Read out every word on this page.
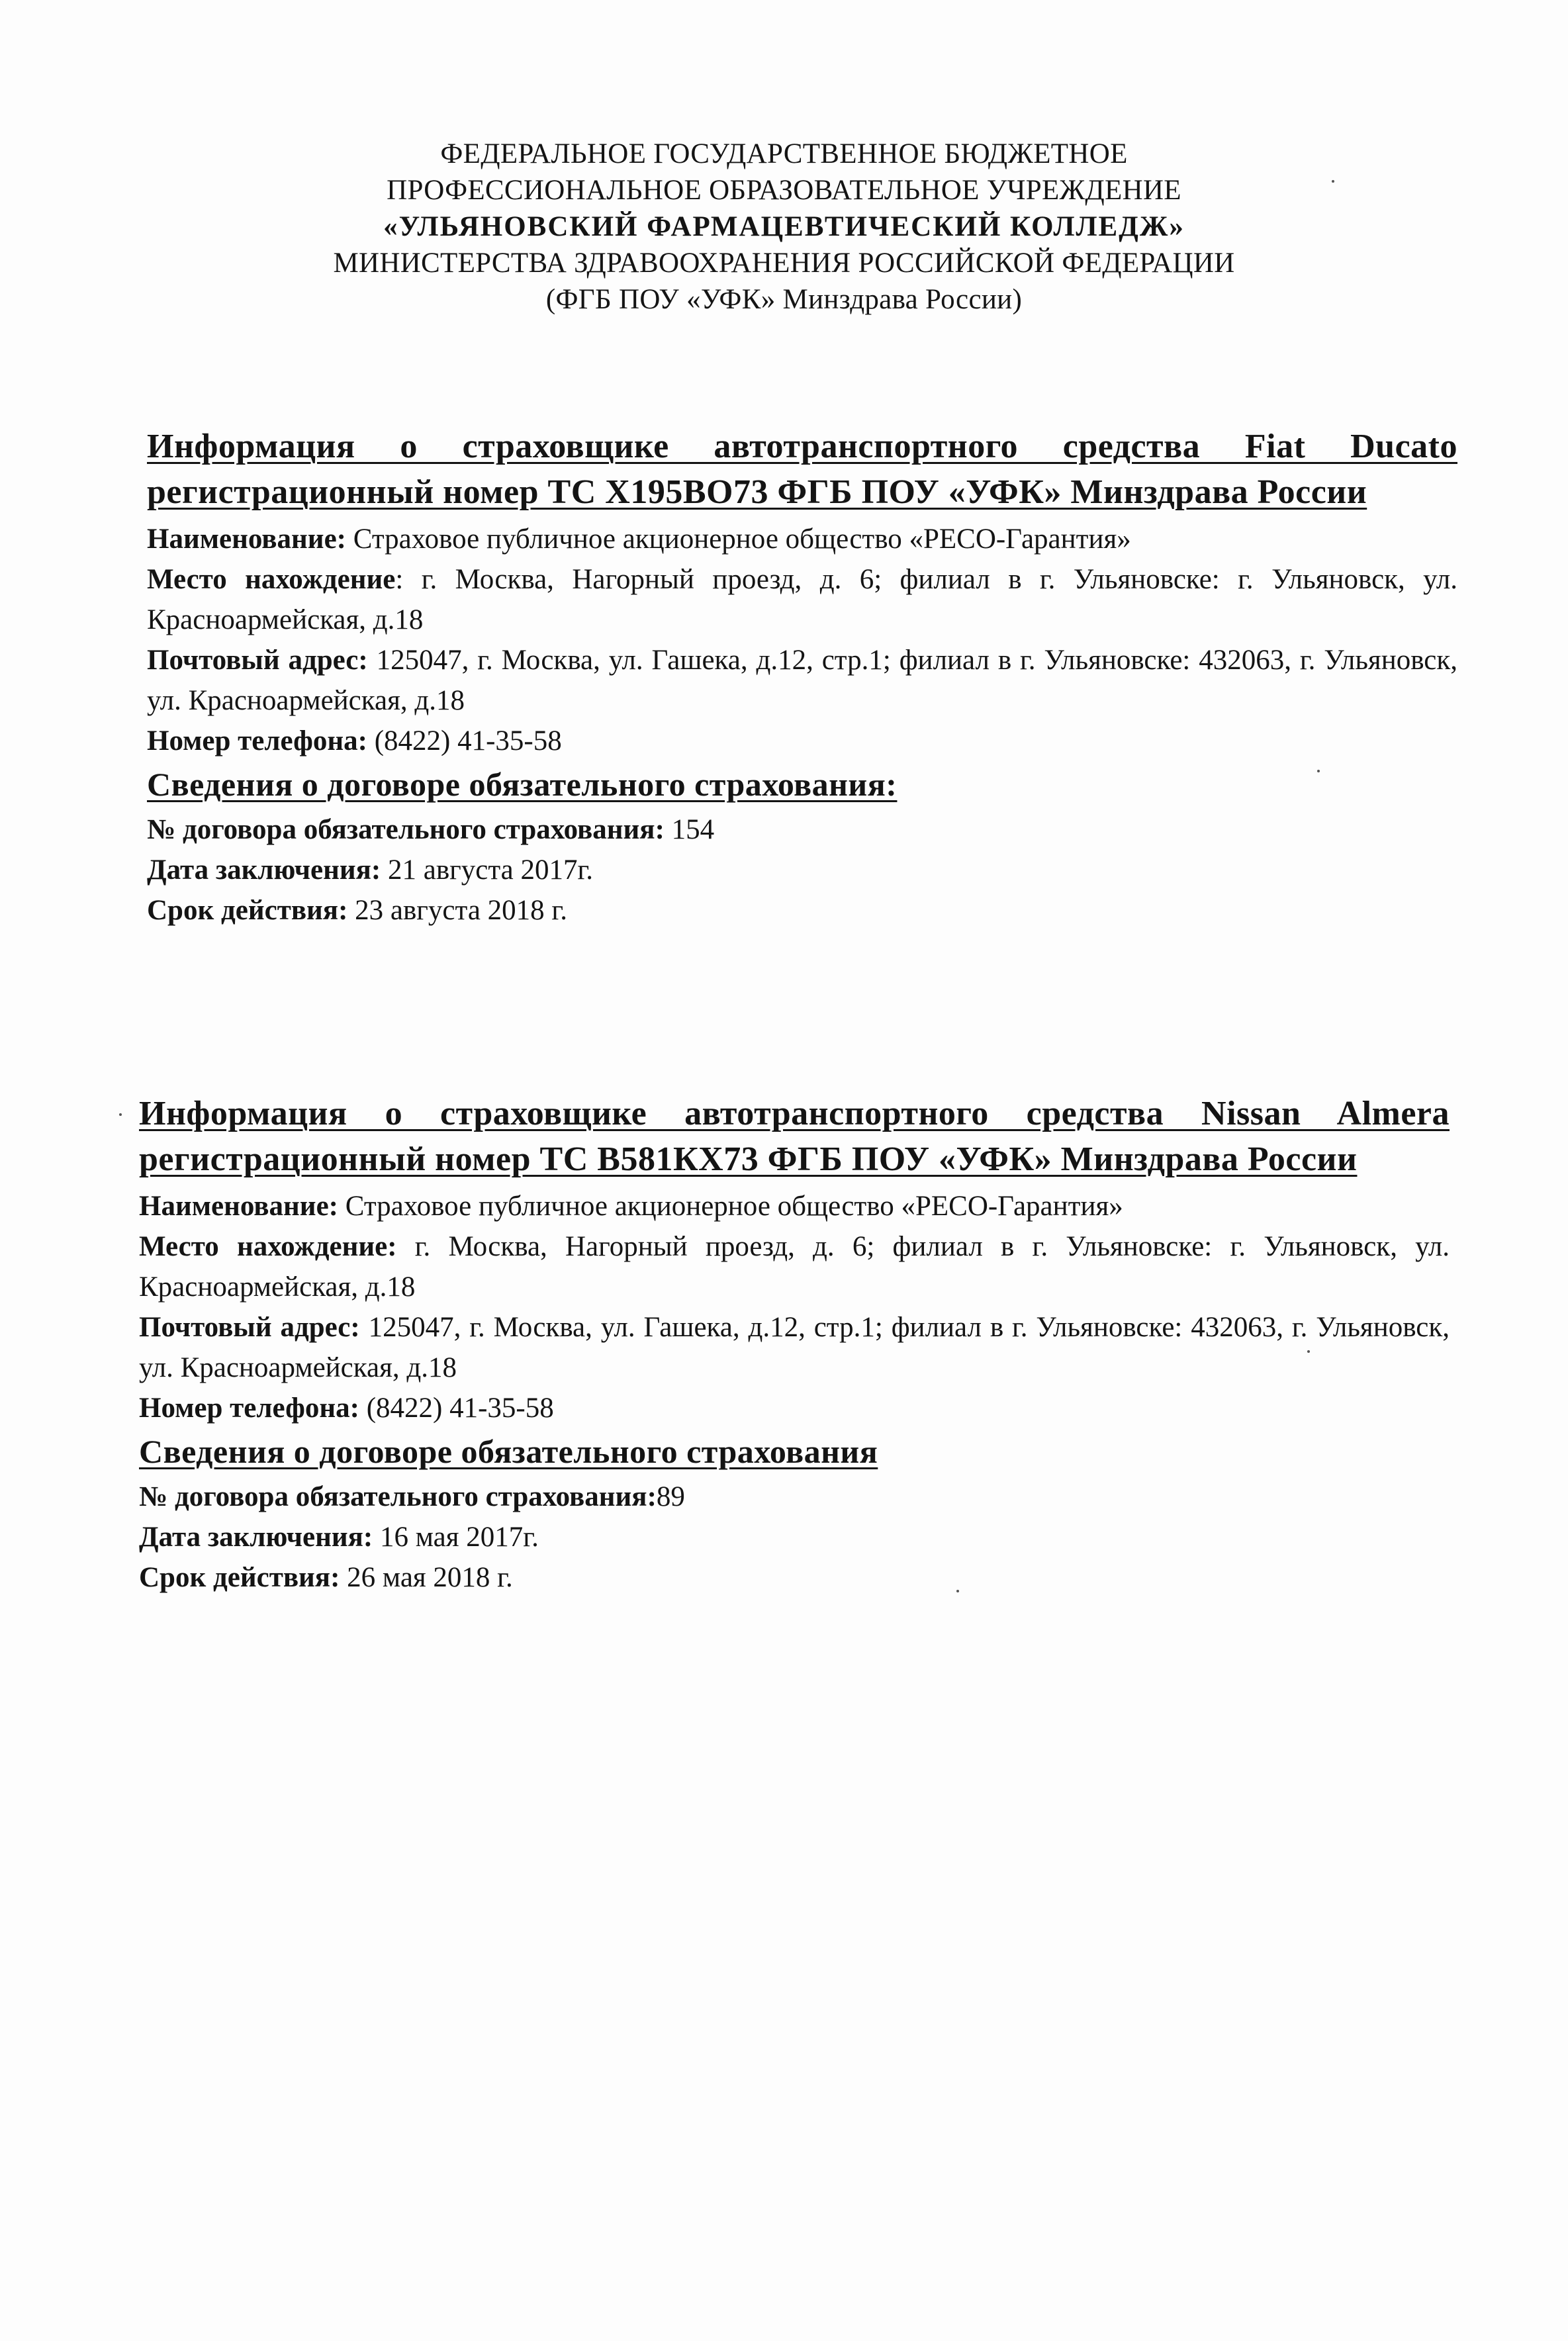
ФЕДЕРАЛЬНОЕ ГОСУДАРСТВЕННОЕ БЮДЖЕТНОЕ
ПРОФЕССИОНАЛЬНОЕ ОБРАЗОВАТЕЛЬНОЕ УЧРЕЖДЕНИЕ
«УЛЬЯНОВСКИЙ ФАРМАЦЕВТИЧЕСКИЙ КОЛЛЕДЖ»
МИНИСТЕРСТВА ЗДРАВООХРАНЕНИЯ РОССИЙСКОЙ ФЕДЕРАЦИИ
(ФГБ ПОУ «УФК» Минздрава России)
Информация о страховщике автотранспортного средства Fiat Ducato регистрационный номер ТС Х195ВО73 ФГБ ПОУ «УФК» Минздрава России

Наименование: Страховое публичное акционерное общество «РЕСО-Гарантия»

Место нахождение: г. Москва, Нагорный проезд, д. 6; филиал в г. Ульяновске: г. Ульяновск, ул. Красноармейская, д.18

Почтовый адрес: 125047, г. Москва, ул. Гашека, д.12, стр.1; филиал в г. Ульяновске: 432063, г. Ульяновск, ул. Красноармейская, д.18

Номер телефона: (8422) 41-35-58

Сведения о договоре обязательного страхования:
№ договора обязательного страхования: 154
Дата заключения: 21 августа 2017г.
Срок действия: 23 августа 2018 г.
Информация о страховщике автотранспортного средства Nissan Almera регистрационный номер ТС В581КХ73 ФГБ ПОУ «УФК» Минздрава России

Наименование: Страховое публичное акционерное общество «РЕСО-Гарантия»

Место нахождение: г. Москва, Нагорный проезд, д. 6; филиал в г. Ульяновске: г. Ульяновск, ул. Красноармейская, д.18

Почтовый адрес: 125047, г. Москва, ул. Гашека, д.12, стр.1; филиал в г. Ульяновске: 432063, г. Ульяновск, ул. Красноармейская, д.18

Номер телефона: (8422) 41-35-58

Сведения о договоре обязательного страхования
№ договора обязательного страхования:89
Дата заключения: 16 мая 2017г.
Срок действия: 26 мая 2018 г.
